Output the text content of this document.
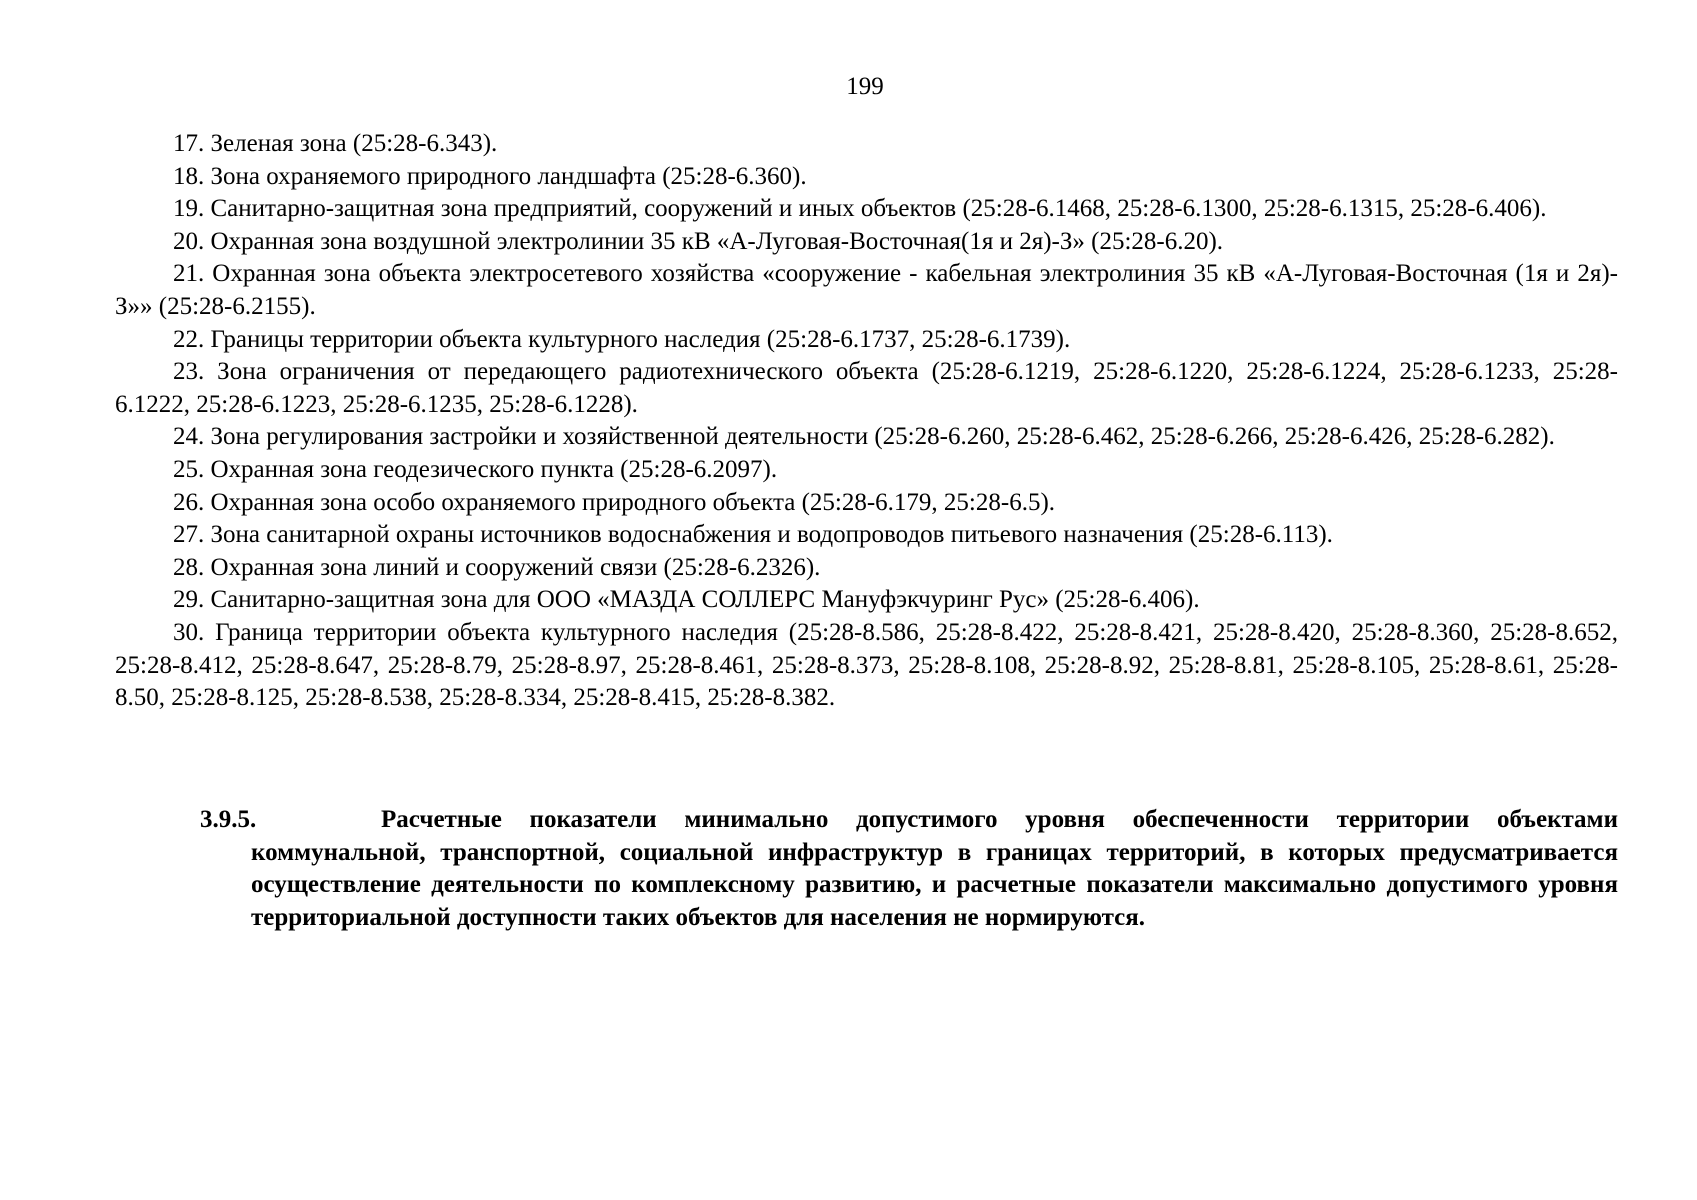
199

17. Зеленая зона (25:28-6.343).

18. Зона охраняемого природного ландшафта (25:28-6.360).

19. Санитарно-защитная зона предприятий, сооружений и иных объектов (25:28-6.1468, 25:28-6.1300, 25:28-6.1315, 25:28-6.406).

20. Охранная зона воздушной электролинии 35 кВ «А-Луговая-Восточная(1я и 2я)-З» (25:28-6.20).

21. Охранная зона объекта электросетевого хозяйства «сооружение - кабельная электролиния 35 кВ «А-Луговая-Восточная (1я и 2я)-З»» (25:28-6.2155).

22. Границы территории объекта культурного наследия (25:28-6.1737, 25:28-6.1739).

23. Зона ограничения от передающего радиотехнического объекта (25:28-6.1219, 25:28-6.1220, 25:28-6.1224, 25:28-6.1233, 25:28-6.1222, 25:28-6.1223, 25:28-6.1235, 25:28-6.1228).

24. Зона регулирования застройки и хозяйственной деятельности (25:28-6.260, 25:28-6.462, 25:28-6.266, 25:28-6.426, 25:28-6.282).

25. Охранная зона геодезического пункта (25:28-6.2097).

26. Охранная зона особо охраняемого природного объекта (25:28-6.179, 25:28-6.5).

27. Зона санитарной охраны источников водоснабжения и водопроводов питьевого назначения (25:28-6.113).

28. Охранная зона линий и сооружений связи (25:28-6.2326).

29. Санитарно-защитная зона для ООО «МАЗДА СОЛЛЕРС Мануфэкчуринг Рус» (25:28-6.406).

30. Граница территории объекта культурного наследия (25:28-8.586, 25:28-8.422, 25:28-8.421, 25:28-8.420, 25:28-8.360, 25:28-8.652, 25:28-8.412, 25:28-8.647, 25:28-8.79, 25:28-8.97, 25:28-8.461, 25:28-8.373, 25:28-8.108, 25:28-8.92, 25:28-8.81, 25:28-8.105, 25:28-8.61, 25:28-8.50, 25:28-8.125, 25:28-8.538, 25:28-8.334, 25:28-8.415, 25:28-8.382.

3.9.5.	Расчетные показатели минимально допустимого уровня обеспеченности территории объектами коммунальной, транспортной, социальной инфраструктур в границах территорий, в которых предусматривается осуществление деятельности по комплексному развитию, и расчетные показатели максимально допустимого уровня территориальной доступности таких объектов для населения не нормируются.
